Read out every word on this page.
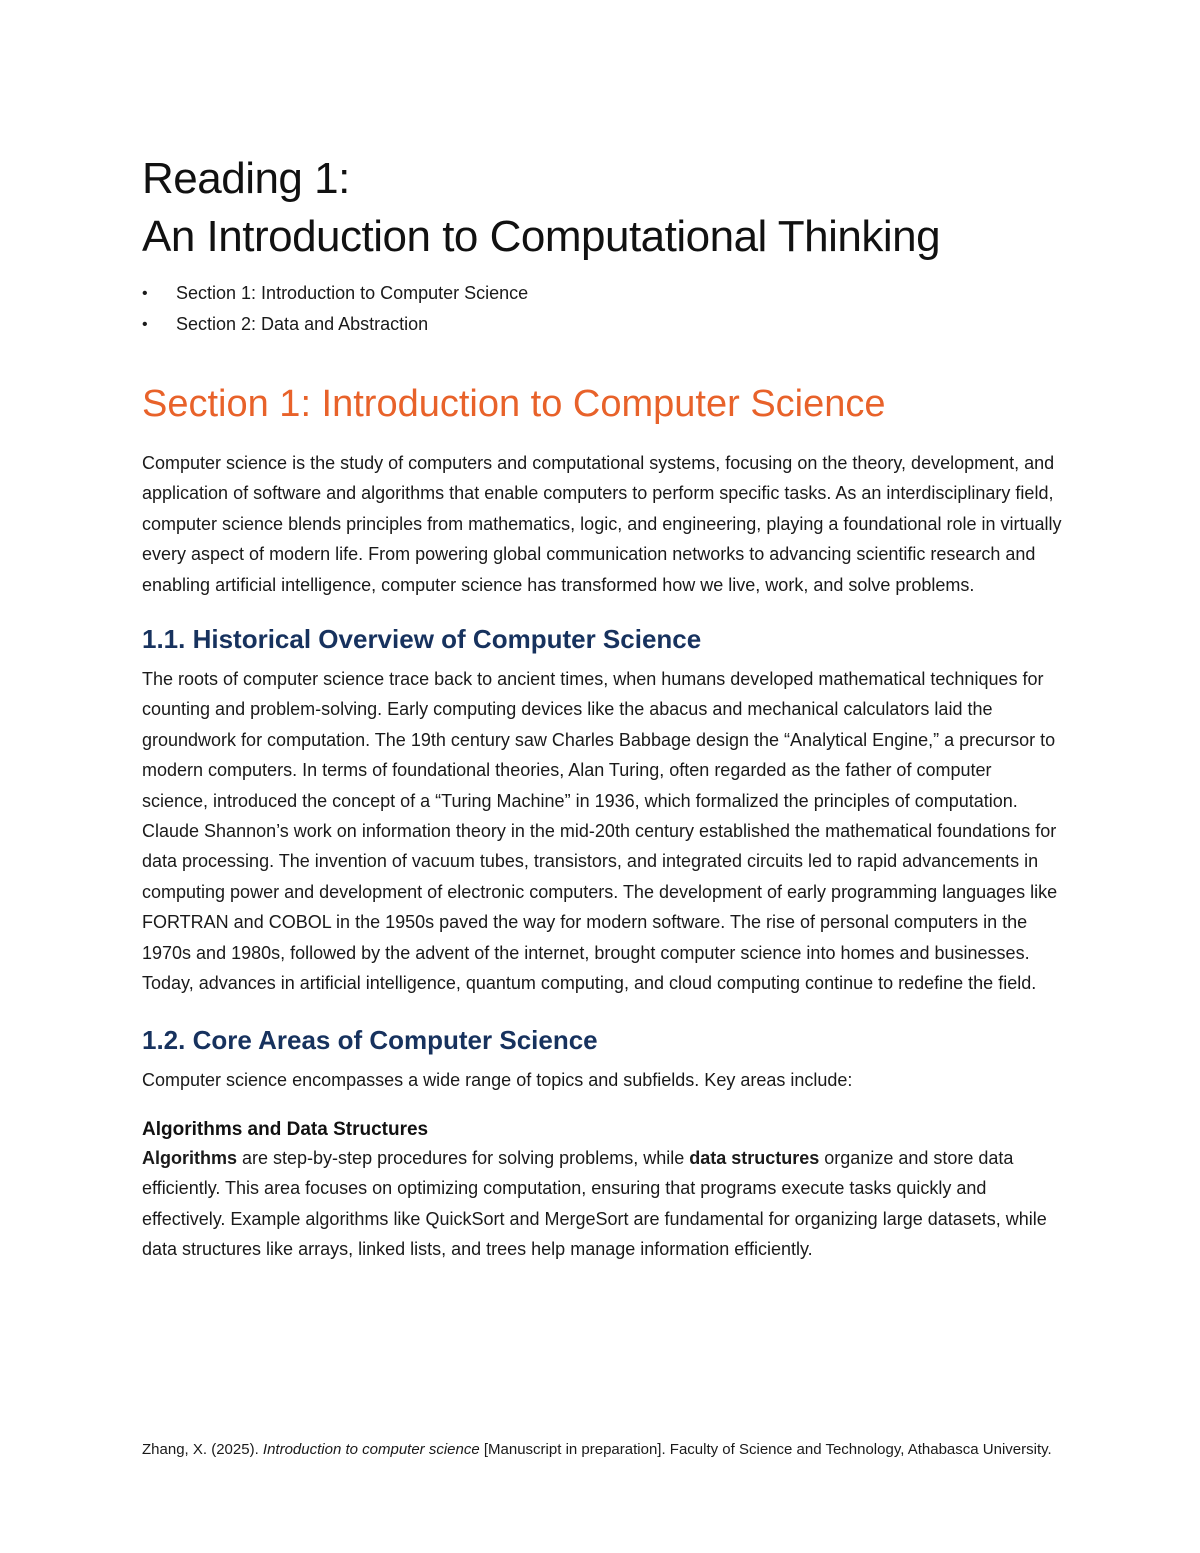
Reading 1:
An Introduction to Computational Thinking
• Section 1: Introduction to Computer Science
• Section 2: Data and Abstraction
Section 1: Introduction to Computer Science

Computer science is the study of computers and computational systems, focusing on the theory, development, and application of software and algorithms that enable computers to perform specific tasks. As an interdisciplinary field, computer science blends principles from mathematics, logic, and engineering, playing a foundational role in virtually every aspect of modern life. From powering global communication networks to advancing scientific research and enabling artificial intelligence, computer science has transformed how we live, work, and solve problems.

1.1. Historical Overview of Computer Science

The roots of computer science trace back to ancient times, when humans developed mathematical techniques for counting and problem-solving. Early computing devices like the abacus and mechanical calculators laid the groundwork for computation. The 19th century saw Charles Babbage design the “Analytical Engine,” a precursor to modern computers. In terms of foundational theories, Alan Turing, often regarded as the father of computer science, introduced the concept of a “Turing Machine” in 1936, which formalized the principles of computation. Claude Shannon’s work on information theory in the mid-20th century established the mathematical foundations for data processing. The invention of vacuum tubes, transistors, and integrated circuits led to rapid advancements in computing power and development of electronic computers. The development of early programming languages like FORTRAN and COBOL in the 1950s paved the way for modern software. The rise of personal computers in the 1970s and 1980s, followed by the advent of the internet, brought computer science into homes and businesses. Today, advances in artificial intelligence, quantum computing, and cloud computing continue to redefine the field.

1.2. Core Areas of Computer Science

Computer science encompasses a wide range of topics and subfields. Key areas include:

Algorithms and Data Structures

Algorithms are step-by-step procedures for solving problems, while data structures organize and store data efficiently. This area focuses on optimizing computation, ensuring that programs execute tasks quickly and effectively. Example algorithms like QuickSort and MergeSort are fundamental for organizing large datasets, while data structures like arrays, linked lists, and trees help manage information efficiently.

Zhang, X. (2025). Introduction to computer science [Manuscript in preparation]. Faculty of Science and Technology, Athabasca University.
